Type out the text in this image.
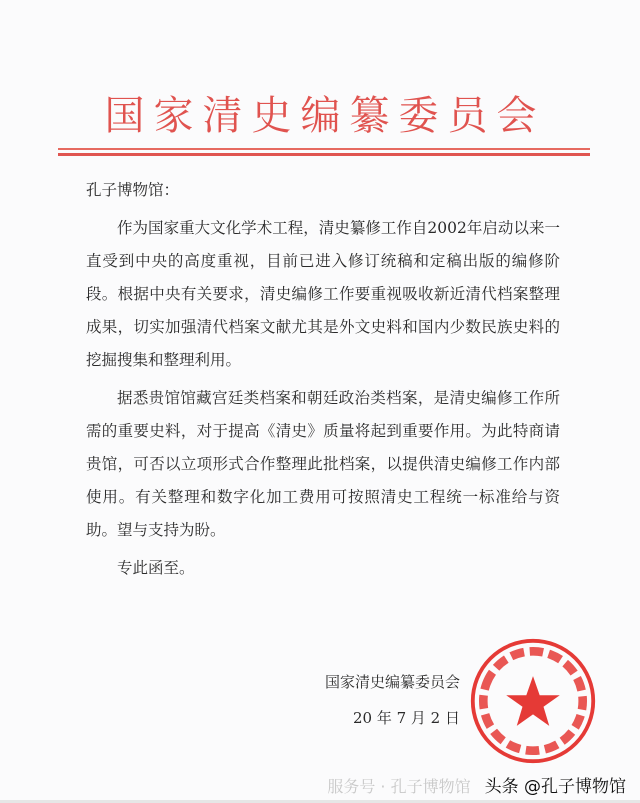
国家清史编纂委员会

孔子博物馆：

作为国家重大文化学术工程，清史纂修工作自2002年启动以来一直受到中央的高度重视，目前已进入修订统稿和定稿出版的编修阶段。根据中央有关要求，清史编修工作要重视吸收新近清代档案整理成果，切实加强清代档案文献尤其是外文史料和国内少数民族史料的挖掘搜集和整理利用。

据悉贵馆馆藏宫廷类档案和朝廷政治类档案，是清史编修工作所需的重要史料，对于提高《清史》质量将起到重要作用。为此特商请贵馆，可否以立项形式合作整理此批档案，以提供清史编修工作内部使用。有关整理和数字化加工费用可按照清史工程统一标准给与资助。望与支持为盼。

专此函至。

国家清史编纂委员会
20 年 7 月 2 日
服务号 · 孔子博物馆 头条 @孔子博物馆
